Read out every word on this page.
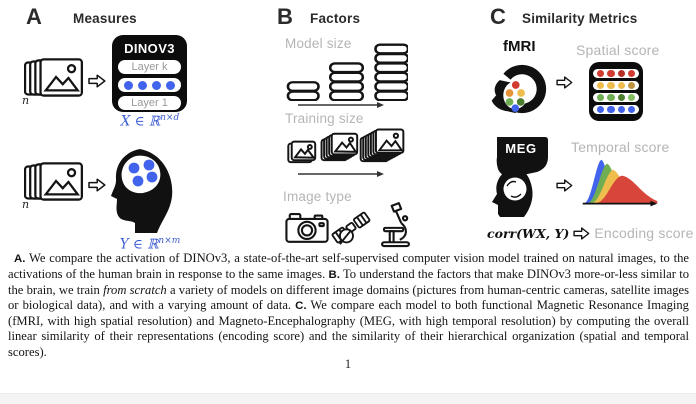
A Measures
n
DINOV3
Layer k
Layer 1
X ∈ ℝ$^{n\times d}$
n
Y ∈ ℝ$^{n\times m}$
B Factors
Model size
Training size
Image type
C Similarity Metrics
fMRI	Spatial score
MEG	Temporal score
corr(WX, Y) Encoding score

A. We compare the activation of DINOv3, a state-of-the-art self-supervised computer vision model trained on natural images, to the activations of the human brain in response to the same images. B. To understand the factors that make DINOv3 more-or-less similar to the brain, we train from scratch a variety of models on different image domains (pictures from human-centric cameras, satellite images or biological data), and with a varying amount of data. C. We compare each model to both functional Magnetic Resonance Imaging (fMRI, with high spatial resolution) and Magneto-Encephalography (MEG, with high temporal resolution) by computing the overall linear similarity of their representations (encoding score) and the similarity of their hierarchical organization (spatial and temporal scores).

1
